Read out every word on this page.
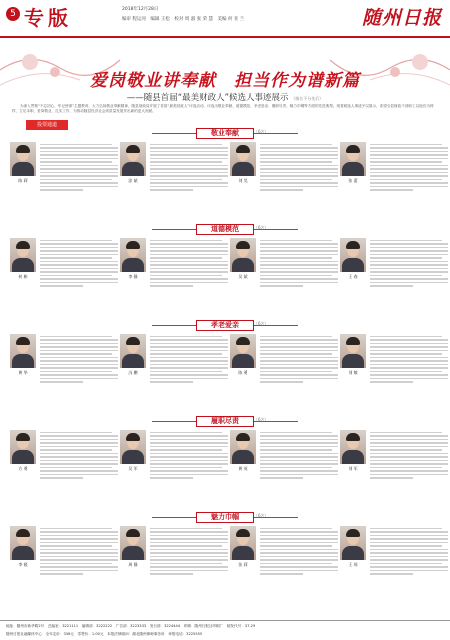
5 专版	2018年12月28日
编审 程运河　编辑 王松　校对 周 淑 张 荣 慧　美编 何 亚 兰	随州日报
爱岗敬业讲奉献　担当作为谱新篇
——随县首届“最美财政人”候选人事迹展示 （排名不分先后）
为深入贯彻“不忘初心，牢记使命”主题教育，大力弘扬敬业奉献精神，随县财政局开展了首届“最美财政人”评选活动，评选出敬业奉献、道德模范、孝老爱亲、履职尽责、魅力巾帼等方面的先进典型。现将候选人事迹予以展示，希望全县财政干部职工以他们为榜样，立足本职、爱岗敬业、扎实工作，为推动随县经济社会高质量发展作出新的更大贡献。
投票通道
敬业奉献	（6名）
道德模范	（6名）
孝老爱亲	（6名）
履职尽责	（6名）
魅力巾帼	（6名）
陈 莉	涂 斌	刘 昊	张 蕾
何 彬	李 静	吴 斌	王 春
黄 华	冯 鹏	陈 勇	刘 敏
方 勇	吴 军	黄 英	刘 军
李 媛	周 静	张 莉	王 琼
地址：随州市新华路2号　总编室：3221111　编辑部：3222222　广告部：3223333　发行部：3224444　印刷：随州日报社印刷厂　邮发代号：37-29
随州日报社融媒体中心　全年定价：336元　零售价：1.00元　本报法律顾问：湖北随州律师事务所　举报电话：3225555
